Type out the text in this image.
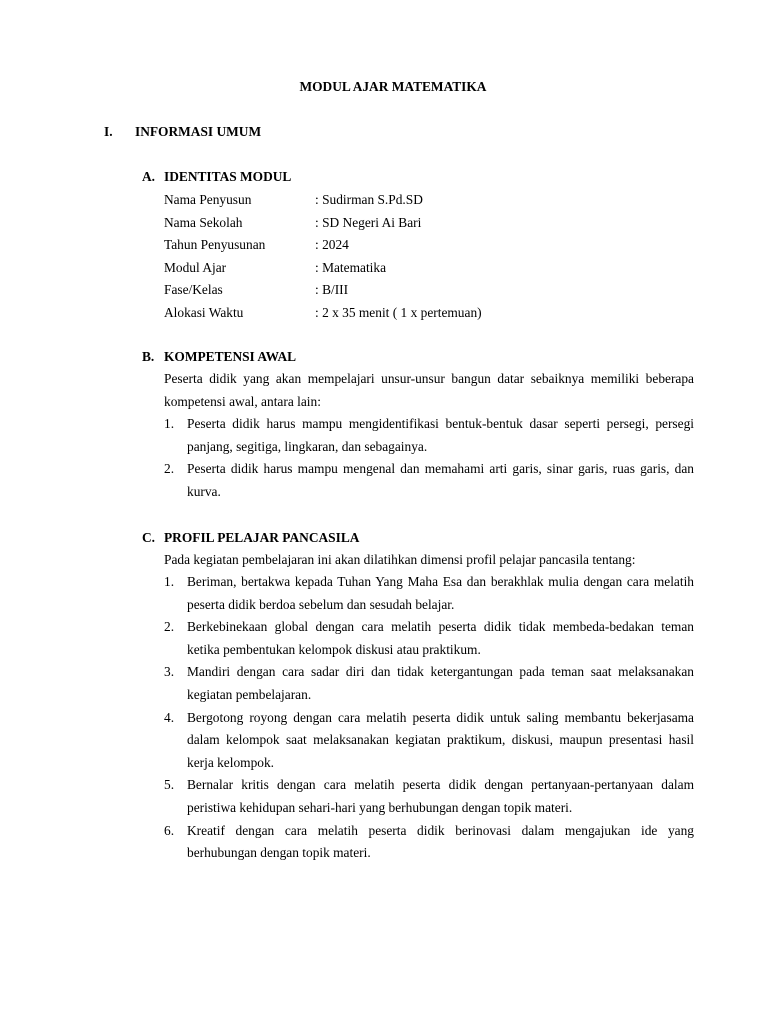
MODUL AJAR MATEMATIKA
I. INFORMASI UMUM
A. IDENTITAS MODUL
Nama Penyusun	: Sudirman S.Pd.SD
Nama Sekolah	: SD Negeri Ai Bari
Tahun Penyusunan	: 2024
Modul Ajar	: Matematika
Fase/Kelas	: B/III
Alokasi Waktu	: 2 x 35 menit ( 1 x pertemuan)
B. KOMPETENSI AWAL
Peserta didik yang akan mempelajari unsur-unsur bangun datar sebaiknya memiliki beberapa kompetensi awal, antara lain:
1. Peserta didik harus mampu mengidentifikasi bentuk-bentuk dasar seperti persegi, persegi panjang, segitiga, lingkaran, dan sebagainya.
2. Peserta didik harus mampu mengenal dan memahami arti garis, sinar garis, ruas garis, dan kurva.
C. PROFIL PELAJAR PANCASILA
Pada kegiatan pembelajaran ini akan dilatihkan dimensi profil pelajar pancasila tentang:
1. Beriman, bertakwa kepada Tuhan Yang Maha Esa dan berakhlak mulia dengan cara melatih peserta didik berdoa sebelum dan sesudah belajar.
2. Berkebinekaan global dengan cara melatih peserta didik tidak membeda-bedakan teman ketika pembentukan kelompok diskusi atau praktikum.
3. Mandiri dengan cara sadar diri dan tidak ketergantungan pada teman saat melaksanakan kegiatan pembelajaran.
4. Bergotong royong dengan cara melatih peserta didik untuk saling membantu bekerjasama dalam kelompok saat melaksanakan kegiatan praktikum, diskusi, maupun presentasi hasil kerja kelompok.
5. Bernalar kritis dengan cara melatih peserta didik dengan pertanyaan-pertanyaan dalam peristiwa kehidupan sehari-hari yang berhubungan dengan topik materi.
6. Kreatif dengan cara melatih peserta didik berinovasi dalam mengajukan ide yang berhubungan dengan topik materi.
